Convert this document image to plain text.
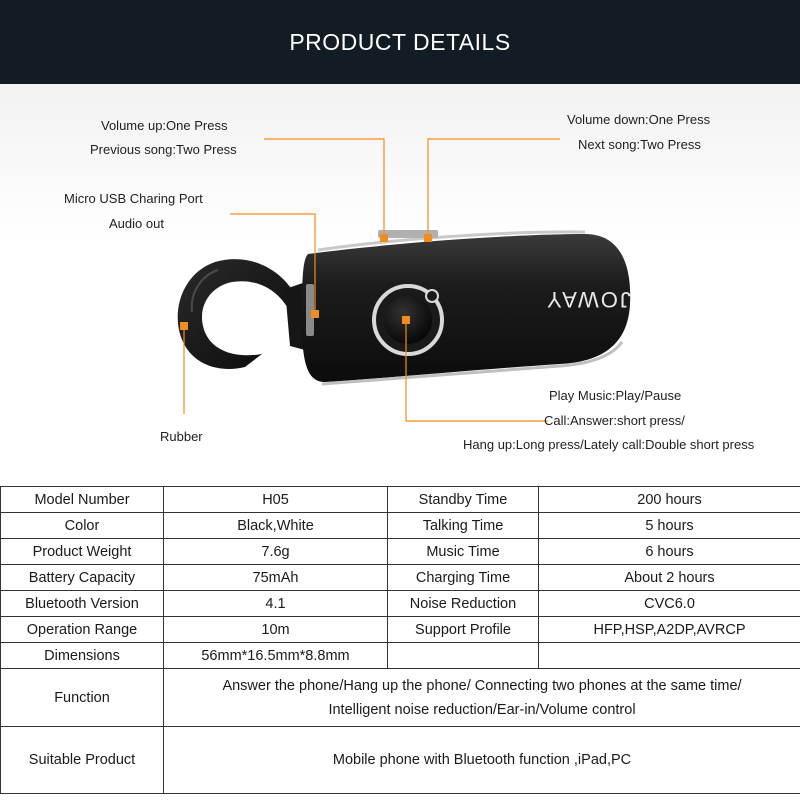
PRODUCT DETAILS
JOWAY
Volume up:One Press
Previous song:Two Press
Volume down:One Press
Next song:Two Press
Micro USB Charing Port
Audio out
Rubber
Play Music:Play/Pause
Call:Answer:short press/
Hang up:Long press/Lately call:Double short press
Model Number	H05	Standby Time	200 hours
Color	Black,White	Talking Time	5 hours
Product Weight	7.6g	Music Time	6 hours
Battery Capacity	75mAh	Charging Time	About 2 hours
Bluetooth Version	4.1	Noise Reduction	CVC6.0
Operation Range	10m	Support Profile	HFP,HSP,A2DP,AVRCP
Dimensions	56mm*16.5mm*8.8mm		
Function	Answer the phone/Hang up the phone/ Connecting two phones at the same time/
Intelligent noise reduction/Ear-in/Volume control		

Suitable Product	Mobile phone with Bluetooth function ,iPad,PC		
